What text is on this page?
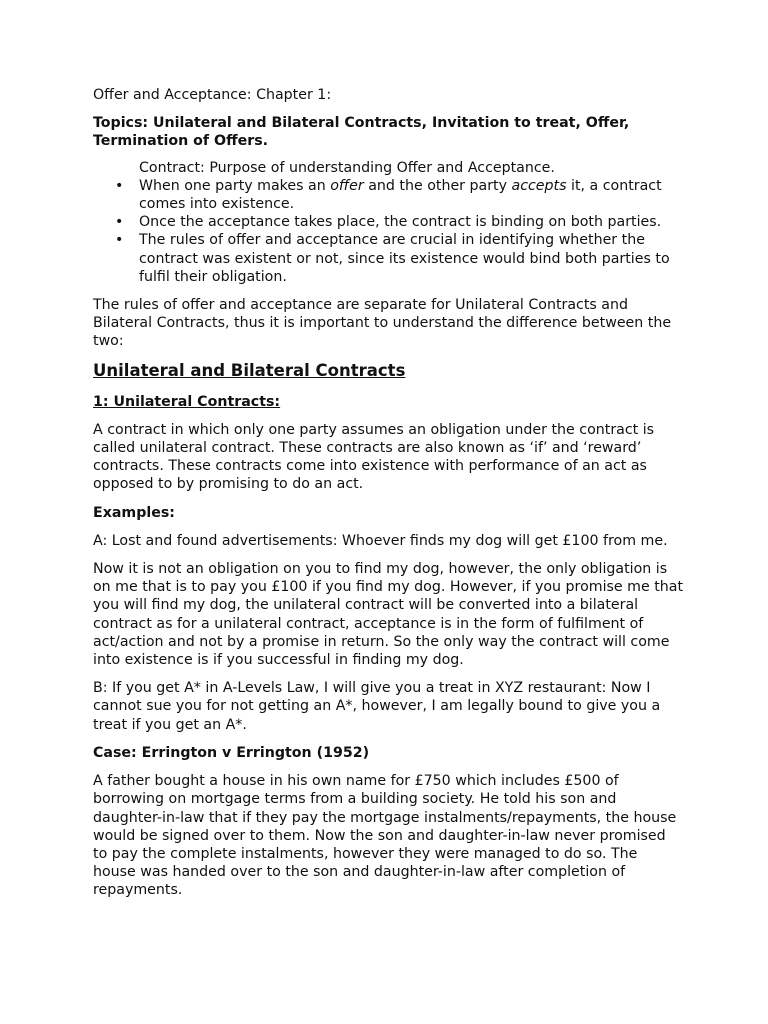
Offer and Acceptance: Chapter 1:

Topics: Unilateral and Bilateral Contracts, Invitation to treat, Offer, Termination of Offers.

Contract: Purpose of understanding Offer and Acceptance.

• When one party makes an offer and the other party accepts it, a contract comes into existence.
• Once the acceptance takes place, the contract is binding on both parties.
• The rules of offer and acceptance are crucial in identifying whether the contract was existent or not, since its existence would bind both parties to fulfil their obligation.

The rules of offer and acceptance are separate for Unilateral Contracts and Bilateral Contracts, thus it is important to understand the difference between the two:

Unilateral and Bilateral Contracts

1: Unilateral Contracts:

A contract in which only one party assumes an obligation under the contract is called unilateral contract. These contracts are also known as ‘if’ and ‘reward’ contracts. These contracts come into existence with performance of an act as opposed to by promising to do an act.

Examples:

A: Lost and found advertisements: Whoever finds my dog will get £100 from me.

Now it is not an obligation on you to find my dog, however, the only obligation is on me that is to pay you £100 if you find my dog. However, if you promise me that you will find my dog, the unilateral contract will be converted into a bilateral contract as for a unilateral contract, acceptance is in the form of fulfilment of act/action and not by a promise in return. So the only way the contract will come into existence is if you successful in finding my dog.

B: If you get A* in A-Levels Law, I will give you a treat in XYZ restaurant: Now I cannot sue you for not getting an A*, however, I am legally bound to give you a treat if you get an A*.

Case: Errington v Errington (1952)

A father bought a house in his own name for £750 which includes £500 of borrowing on mortgage terms from a building society. He told his son and daughter-in-law that if they pay the mortgage instalments/repayments, the house would be signed over to them. Now the son and daughter-in-law never promised to pay the complete instalments, however they were managed to do so. The house was handed over to the son and daughter-in-law after completion of repayments.
